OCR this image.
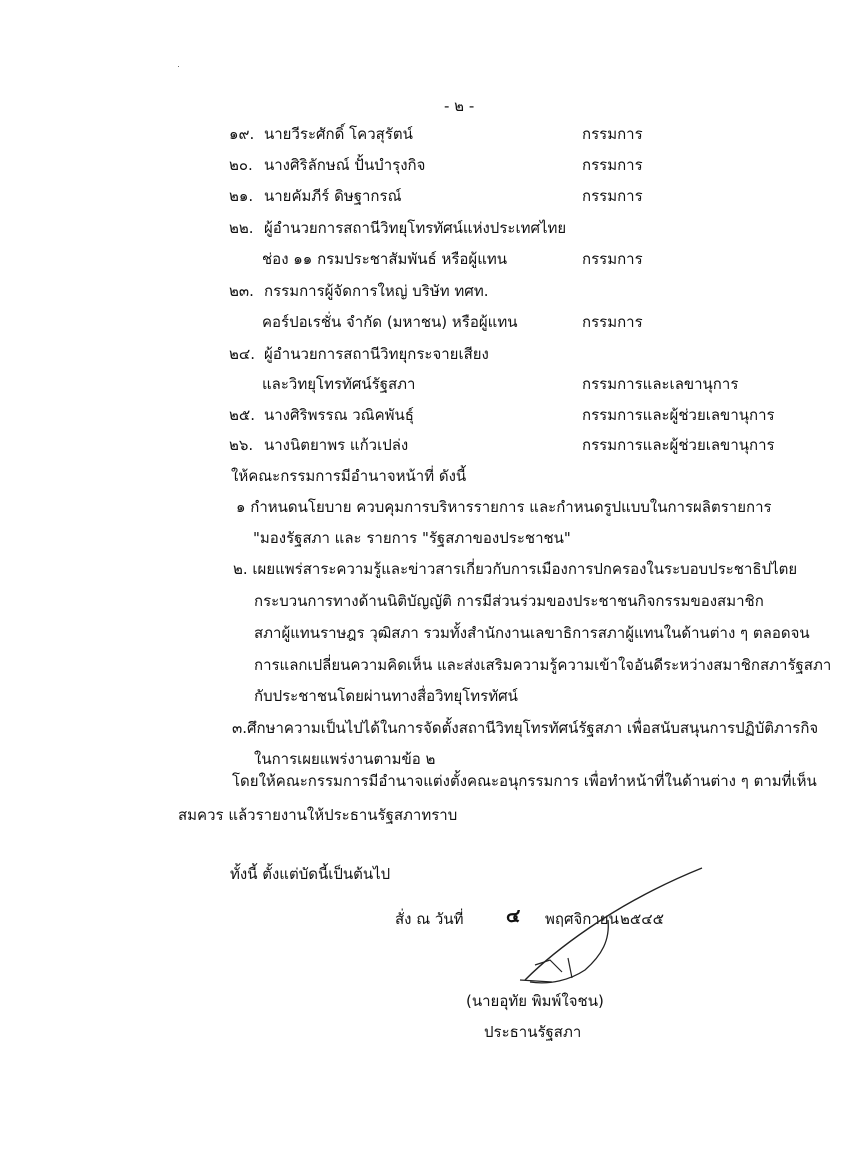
- ๒ -
๑๙. นายวีระศักดิ์ โควสุรัตน์	กรรมการ
๒๐. นางศิริลักษณ์ ปั้นบำรุงกิจ	กรรมการ
๒๑. นายคัมภีร์ ดิษฐากรณ์	กรรมการ
๒๒. ผู้อำนวยการสถานีวิทยุโทรทัศน์แห่งประเทศไทย
ช่อง ๑๑ กรมประชาสัมพันธ์ หรือผู้แทน	กรรมการ
๒๓. กรรมการผู้จัดการใหญ่ บริษัท ทศท.
คอร์ปอเรชั่น จำกัด (มหาชน) หรือผู้แทน	กรรมการ
๒๔. ผู้อำนวยการสถานีวิทยุกระจายเสียง
และวิทยุโทรทัศน์รัฐสภา	กรรมการและเลขานุการ
๒๕. นางศิริพรรณ วณิคพันธุ์	กรรมการและผู้ช่วยเลขานุการ
๒๖. นางนิตยาพร แก้วเปล่ง	กรรมการและผู้ช่วยเลขานุการ
ให้คณะกรรมการมีอำนาจหน้าที่ ดังนี้
๑ กำหนดนโยบาย ควบคุมการบริหารรายการ และกำหนดรูปแบบในการผลิตรายการ
"มองรัฐสภา และ รายการ "รัฐสภาของประชาชน"
๒. เผยแพร่สาระความรู้และข่าวสารเกี่ยวกับการเมืองการปกครองในระบอบประชาธิปไตย
กระบวนการทางด้านนิติบัญญัติ การมีส่วนร่วมของประชาชนกิจกรรมของสมาชิก
สภาผู้แทนราษฎร วุฒิสภา รวมทั้งสำนักงานเลขาธิการสภาผู้แทนในด้านต่าง ๆ ตลอดจน
การแลกเปลี่ยนความคิดเห็น และส่งเสริมความรู้ความเข้าใจอันดีระหว่างสมาชิกสภารัฐสภา
กับประชาชนโดยผ่านทางสื่อวิทยุโทรทัศน์
๓.ศึกษาความเป็นไปได้ในการจัดตั้งสถานีวิทยุโทรทัศน์รัฐสภา เพื่อสนับสนุนการปฏิบัติภารกิจ
ในการเผยแพร่งานตามข้อ ๒
โดยให้คณะกรรมการมีอำนาจแต่งตั้งคณะอนุกรรมการ เพื่อทำหน้าที่ในด้านต่าง ๆ ตามที่เห็น
สมควร แล้วรายงานให้ประธานรัฐสภาทราบ
ทั้งนี้ ตั้งแต่บัดนี้เป็นต้นไป
สั่ง ณ วันที่ ๔ พฤศจิกายน ๒๕๔๕
(นายอุทัย พิมพ์ใจชน)
ประธานรัฐสภา
